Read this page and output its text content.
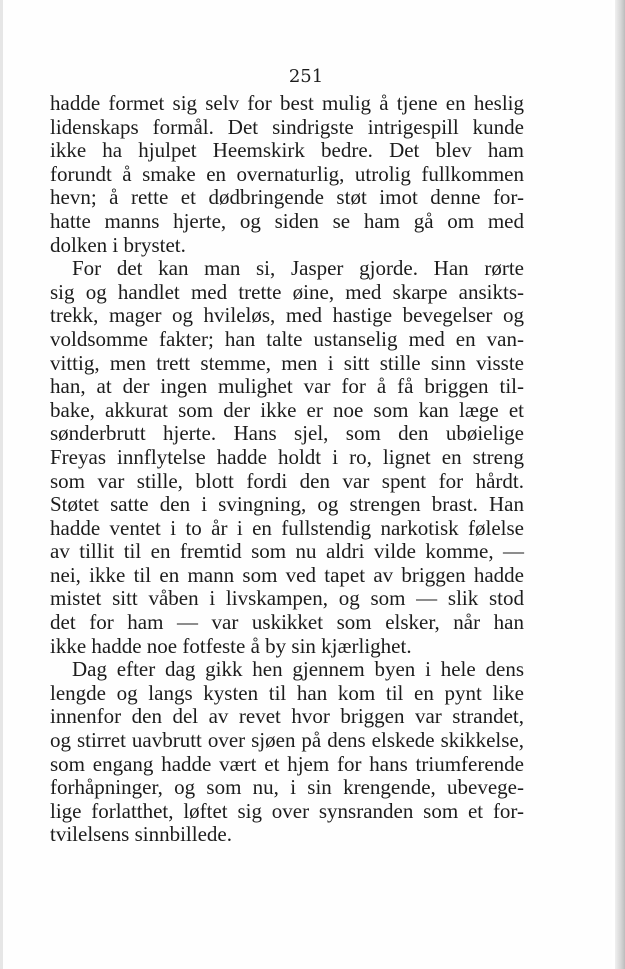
251
hadde formet sig selv for best mulig å tjene en heslig
lidenskaps formål. Det sindrigste intrigespill kunde
ikke ha hjulpet Heemskirk bedre. Det blev ham
forundt å smake en overnaturlig, utrolig fullkommen
hevn; å rette et dødbringende støt imot denne for-
hatte manns hjerte, og siden se ham gå om med
dolken i brystet.
For det kan man si, Jasper gjorde. Han rørte
sig og handlet med trette øine, med skarpe ansikts-
trekk, mager og hvileløs, med hastige bevegelser og
voldsomme fakter; han talte ustanselig med en van-
vittig, men trett stemme, men i sitt stille sinn visste
han, at der ingen mulighet var for å få briggen til-
bake, akkurat som der ikke er noe som kan læge et
sønderbrutt hjerte. Hans sjel, som den ubøielige
Freyas innflytelse hadde holdt i ro, lignet en streng
som var stille, blott fordi den var spent for hårdt.
Støtet satte den i svingning, og strengen brast. Han
hadde ventet i to år i en fullstendig narkotisk følelse
av tillit til en fremtid som nu aldri vilde komme, —
nei, ikke til en mann som ved tapet av briggen hadde
mistet sitt våben i livskampen, og som — slik stod
det for ham — var uskikket som elsker, når han
ikke hadde noe fotfeste å by sin kjærlighet.
Dag efter dag gikk hen gjennem byen i hele dens
lengde og langs kysten til han kom til en pynt like
innenfor den del av revet hvor briggen var strandet,
og stirret uavbrutt over sjøen på dens elskede skikkelse,
som engang hadde vært et hjem for hans triumferende
forhåpninger, og som nu, i sin krengende, ubevege-
lige forlatthet, løftet sig over synsranden som et for-
tvilelsens sinnbillede.
